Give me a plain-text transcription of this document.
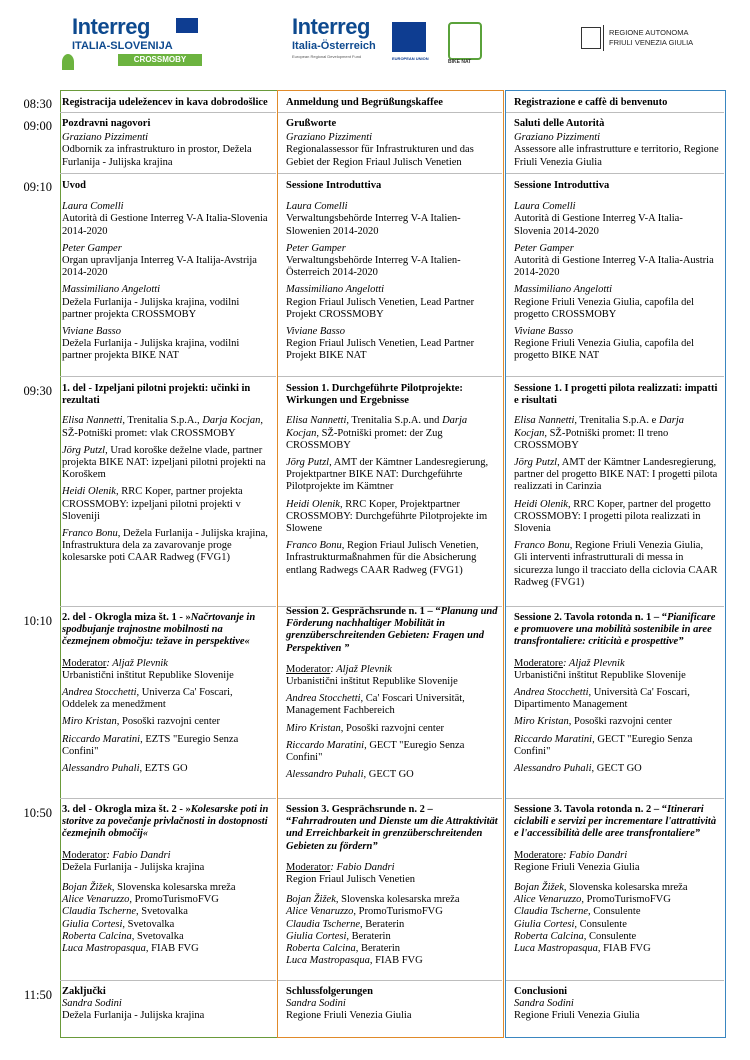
Interreg
ITALIA-SLOVENIJA
CROSSMOBY
Interreg
Italia-Österreich
European Regional Development Fund	EUROPEAN UNION
BIKE NAT
REGIONE AUTONOMA
FRIULI VENEZIA GIULIA
08:30
09:00
09:10
09:30
10:10
10:50
11:50
Registracija udeležencev in kava dobrodošlice
Pozdravni nagovori
Graziano Pizzimenti
Odbornik za infrastrukturo in prostor, Dežela Furlanija - Julijska krajina
Uvod
Laura Comelli
Autorità di Gestione Interreg V-A Italia-Slovenia 2014-2020
Peter Gamper
Organ upravljanja Interreg V-A Italija-Avstrija 2014-2020
Massimiliano Angelotti
Dežela Furlanija - Julijska krajina, vodilni partner projekta CROSSMOBY
Viviane Basso
Dežela Furlanija - Julijska krajina, vodilni partner projekta BIKE NAT
1. del - Izpeljani pilotni projekti: učinki in rezultati
Elisa Nannetti, Trenitalia S.p.A., Darja Kocjan, SŽ-Potniški promet: vlak CROSSMOBY
Jörg Putzl, Urad koroške deželne vlade, partner projekta BIKE NAT: izpeljani pilotni projekti na Koroškem
Heidi Olenik, RRC Koper, partner projekta CROSSMOBY: izpeljani pilotni projekti v Sloveniji
Franco Bonu, Dežela Furlanija - Julijska krajina, Infrastruktura dela za zavarovanje proge kolesarske poti CAAR Radweg (FVG1)
2. del - Okrogla miza št. 1 - »Načrtovanje in spodbujanje trajnostne mobilnosti na čezmejnem območju: težave in perspektive«
Moderator: Aljaž Plevnik
Urbanistični inštitut Republike Slovenije
Andrea Stocchetti, Univerza Ca' Foscari, Oddelek za menedžment
Miro Kristan, Posoški razvojni center
Riccardo Maratini, EZTS "Euregio Senza Confini"
Alessandro Puhali, EZTS GO
3. del - Okrogla miza št. 2 - »Kolesarske poti in storitve za povečanje privlačnosti in dostopnosti čezmejnih območij«
Moderator: Fabio Dandri
Dežela Furlanija - Julijska krajina
Bojan Žižek, Slovenska kolesarska mreža
Alice Venaruzzo, PromoTurismoFVG
Claudia Tscherne, Svetovalka
Giulia Cortesi, Svetovalka
Roberta Calcina, Svetovalka
Luca Mastropasqua, FIAB FVG
Zaključki
Sandra Sodini
Dežela Furlanija - Julijska krajina
Anmeldung und Begrüßungskaffee
Grußworte
Graziano Pizzimenti
Regionalassessor für Infrastrukturen und das Gebiet der Region Friaul Julisch Venetien
Sessione Introduttiva
Laura Comelli
Verwaltungsbehörde Interreg V-A Italien-Slowenien 2014-2020
Peter Gamper
Verwaltungsbehörde Interreg V-A Italien-Österreich 2014-2020
Massimiliano Angelotti
Region Friaul Julisch Venetien, Lead Partner Projekt CROSSMOBY
Viviane Basso
Region Friaul Julisch Venetien, Lead Partner Projekt BIKE NAT
Session 1. Durchgeführte Pilotprojekte: Wirkungen und Ergebnisse
Elisa Nannetti, Trenitalia S.p.A. und Darja Kocjan, SŽ-Potniški promet: der Zug CROSSMOBY
Jörg Putzl, AMT der Kämtner Landesregierung, Projektpartner BIKE NAT: Durchgeführte Pilotprojekte im Kämtner
Heidi Olenik, RRC Koper, Projektpartner CROSSMOBY: Durchgeführte Pilotprojekte im Slowene
Franco Bonu, Region Friaul Julisch Venetien, Infrastrukturmaßnahmen für die Absicherung entlang Radwegs CAAR Radweg (FVG1)
Session 2. Gesprächsrunde n. 1 – “Planung und Förderung nachhaltiger Mobilität in grenzüberschreitenden Gebieten: Fragen und Perspektiven ”
Moderator: Aljaž Plevnik
Urbanistični inštitut Republike Slovenije
Andrea Stocchetti, Ca' Foscari Universität, Management Fachbereich
Miro Kristan, Posoški razvojni center
Riccardo Maratini, GECT "Euregio Senza Confini"
Alessandro Puhali, GECT GO
Session 3. Gesprächsrunde n. 2 – “Fahrradrouten und Dienste um die Attraktivität und Erreichbarkeit in grenzüberschreitenden Gebieten zu fördern”
Moderator: Fabio Dandri
Region Friaul Julisch Venetien
Bojan Žižek, Slovenska kolesarska mreža
Alice Venaruzzo, PromoTurismoFVG
Claudia Tscherne, Beraterin
Giulia Cortesi, Beraterin
Roberta Calcina, Beraterin
Luca Mastropasqua, FIAB FVG
Schlussfolgerungen
Sandra Sodini
Regione Friuli Venezia Giulia
Registrazione e caffè di benvenuto
Saluti delle Autorità
Graziano Pizzimenti
Assessore alle infrastrutture e territorio, Regione Friuli Venezia Giulia
Sessione Introduttiva
Laura Comelli
Autorità di Gestione Interreg V-A Italia-Slovenia 2014-2020
Peter Gamper
Autorità di Gestione Interreg V-A Italia-Austria 2014-2020
Massimiliano Angelotti
Regione Friuli Venezia Giulia, capofila del progetto CROSSMOBY
Viviane Basso
Regione Friuli Venezia Giulia, capofila del progetto BIKE NAT
Sessione 1. I progetti pilota realizzati: impatti e risultati
Elisa Nannetti, Trenitalia S.p.A. e Darja Kocjan, SŽ-Potniški promet: Il treno CROSSMOBY
Jörg Putzl, AMT der Kämtner Landesregierung, partner del progetto BIKE NAT: I progetti pilota realizzati in Carinzia
Heidi Olenik, RRC Koper, partner del progetto CROSSMOBY: I progetti pilota realizzati in Slovenia
Franco Bonu, Regione Friuli Venezia Giulia, Gli interventi infrastrutturali di messa in sicurezza lungo il tracciato della ciclovia CAAR Radweg (FVG1)
Sessione 2. Tavola rotonda n. 1 – “Pianificare e promuovere una mobilità sostenibile in aree transfrontaliere: criticità e prospettive”
Moderatore: Aljaž Plevnik
Urbanistični inštitut Republike Slovenije
Andrea Stocchetti, Università Ca' Foscari, Dipartimento Management
Miro Kristan, Posoški razvojni center
Riccardo Maratini, GECT "Euregio Senza Confini"
Alessandro Puhali, GECT GO
Sessione 3. Tavola rotonda n. 2 – “Itinerari ciclabili e servizi per incrementare l'attrattività e l'accessibilità delle aree transfrontaliere”
Moderatore: Fabio Dandri
Regione Friuli Venezia Giulia
Bojan Žižek, Slovenska kolesarska mreža
Alice Venaruzzo, PromoTurismoFVG
Claudia Tscherne, Consulente
Giulia Cortesi, Consulente
Roberta Calcina, Consulente
Luca Mastropasqua, FIAB FVG
Conclusioni
Sandra Sodini
Regione Friuli Venezia Giulia
